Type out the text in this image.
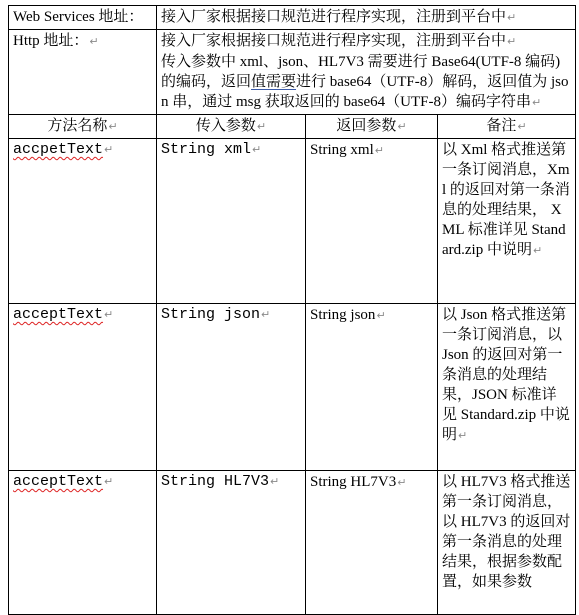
Web Services 地址：	接入厂家根据接口规范进行程序实现，注册到平台中↵		
Http 地址：↵	接入厂家根据接口规范进行程序实现，注册到平台中↵
传入参数中 xml、json、HL7V3 需要进行 Base64(UTF-8 编码)的编码，返回值需要进行 base64（UTF-8）解码，返回值为 json 串，通过 msg 获取返回的 base64（UTF-8）编码字符串↵		

方法名称↵	传入参数↵	返回参数↵	备注↵
accpetText↵	String xml↵	String xml↵	以 Xml 格式推送第一条订阅消息，Xml 的返回对第一条消息的处理结果， XML 标准详见 Standard.zip 中说明↵
acceptText↵	String json↵	String json↵	以 Json 格式推送第一条订阅消息，以 Json 的返回对第一条消息的处理结果，JSON 标准详见 Standard.zip 中说明↵
acceptText↵	String HL7V3↵	String HL7V3↵	以 HL7V3 格式推送第一条订阅消息，以 HL7V3 的返回对第一条消息的处理结果，根据参数配置，如果参数
